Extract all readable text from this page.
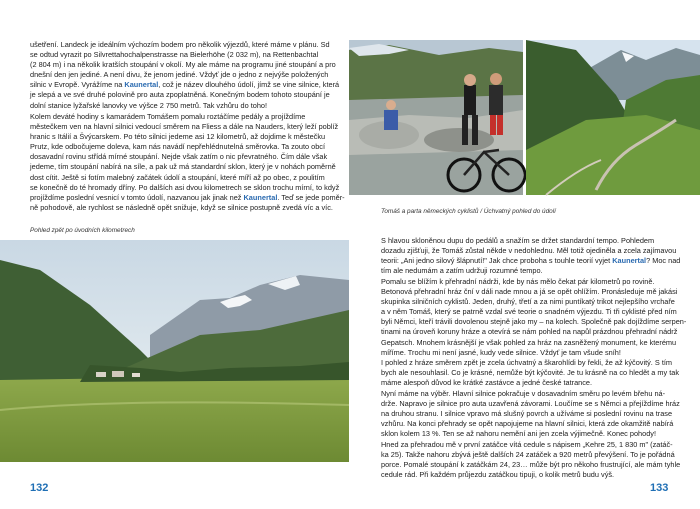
ušetření. Landeck je ideálním výchozím bodem pro několik výjezdů, které máme v plánu. Sd
se odtud vyrazit po Silvrettahochalpenstrasse na Bielerhöhe (2 032 m), na Rettenbachtal
(2 804 m) i na několik kratších stoupání v okolí. My ale máme na programu jiné stoupání a pro
dnešní den jen jediné. A není divu, že jenom jediné. Vždyť jde o jedno z nejvýše položených
silnic v Evropě. Vyrážíme na Kaunertal, což je název dlouhého údolí, jímž se vine silnice, která
je slepá a ve své druhé polovině pro auta zpoplatněná. Konečným bodem tohoto stoupání je
dolní stanice lyžařské lanovky ve výšce 2 750 metrů. Tak vzhůru do toho!
Kolem deváté hodiny s kamarádem Tomášem pomalu roztáčíme pedály a projíždíme
městečkem ven na hlavní silnici vedoucí směrem na Fliess a dále na Nauders, který leží poblíž
hranic s Itálií a Švýcarskem. Po této silnici jedeme asi 12 kilometrů, až dojdime k městečku
Prutz, kde odbočujeme doleva, kam nás navádí nepřehlédnutelná směrovka. Ta zouto obcí
dosavadní rovinu střídá mírné stoupání. Nejde však zatím o nic převratného. Čím dále však
jedeme, tím stoupání nabírá na síle, a pak už má standardní sklon, který je v nohách poměrně
dost cítit. Ještě si fotím malebný začátek údolí a stoupání, které míří až po obec, z poulitím
se konečně do té hromady dříny. Po dalších asi dvou kilometrech se sklon trochu mírní, to když
projíždíme poslední vesnicí v tomto údolí, nazvanou jak jinak než Kaunertal. Teď se jede poměr-
ně pohodově, ale rychlost se následně opět snižuje, když se silnice postupně zvedá víc a víc.
Pohled zpět po úvodních kilometrech
132
Tomáš a parta německých cyklistů / Úchvatný pohled do údolí
S hlavou skloněnou dupu do pedálů a snažím se držet standardní tempo. Pohledem
dozadu zjišťuji, že Tomáš zůstal někde v nedohlednu. Měl totiž ojediněla a zcela zajímavou
teorii: „Ani jedno silový šlápnutí!" Jak chce proboha s touhle teorií vyjet Kaunertal? Moc nad
tím ale nedumám a zatím udržuji rozumné tempo.
Pomalu se blížím k přehradní nádrži, kde by nás mělo čekat pár kilometrů po rovině.
Betonová přehradní hráz ční v dáli nade mnou a já se opět ohlížím. Pronásleduje mě jakási
skupinka silničních cyklistů. Jeden, druhý, třetí a za nimi puntíkatý trikot nejlepšího vrchaře
a v něm Tomáš, který se patrně vzdal své teorie o snadném výjezdu. Ti tři cyklisté před ním
byli Němci, kteří trávili dovolenou stejně jako my – na kolech. Společně pak dojíždíme serpen-
tinami na úroveň koruny hráze a otevírá se nám pohled na napůl prázdnou přehradní nádrž
Gepatsch. Mnohem krásnější je však pohled za hráz na zasněžený monument, ke kterému
míříme. Trochu mi není jasné, kudy vede silnice. Vždyť je tam všude sníh!
I pohled z hráze směrem zpět je zcela úchvatný a škarohlídi by řekli, že až kýčovitý. S tím
bych ale nesouhlasil. Co je krásné, nemůže být kýčovité. Je tu krásně na co hledět a my tak
máme alespoň důvod ke krátké zastávce a jedné české tatrance.
Nyní máme na výběr. Hlavní silnice pokračuje v dosavadním směru po levém břehu ná-
drže. Napravo je silnice pro auta uzavřená závorami. Loučíme se s Němci a přejíždíme hráz
na druhou stranu. I silnice vpravo má slušný povrch a užíváme si poslední rovinu na trase
vzhůru. Na konci přehrady se opět napojujeme na hlavní silnici, která zde okamžitě nabírá
sklon kolem 13 %. Ten se až nahoru nemění ani jen zcela výjimečně. Konec pohody!
Hned za přehradou mě v první zatáčce vítá cedule s nápisem „Kehre 25, 1 830 m" (zatáč-
ka 25). Takže nahoru zbývá ještě dalších 24 zatáček a 920 metrů převýšení. To je pořádná
porce. Pomalé stoupání k zatáčkám 24, 23… může být pro někoho frustrující, ale mám tyhle
cedule rád. Při každém průjezdu zatáčkou tipuji, o kolik metrů budu výš.
133
